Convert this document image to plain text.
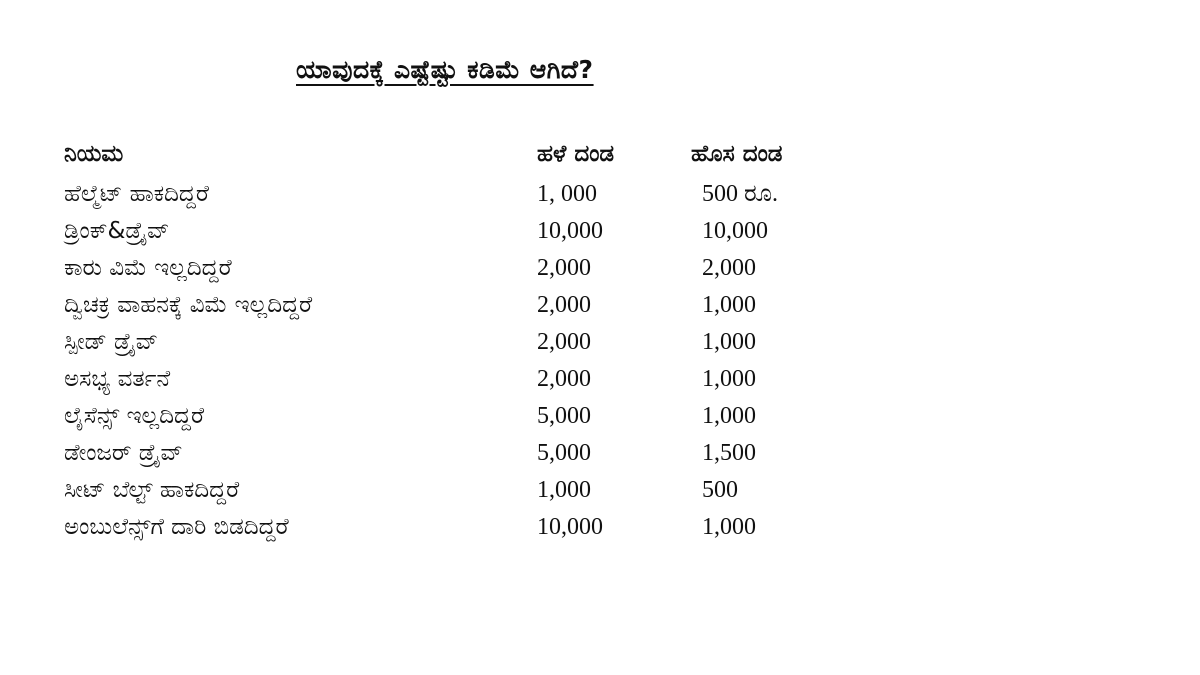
ಯಾವುದಕ್ಕೆ ಎಷ್ಟೆಷ್ಟು ಕಡಿಮೆ ಆಗಿದೆ?
ನಿಯಮ	ಹಳೆ ದಂಡ	ಹೊಸ ದಂಡ
ಹೆಲ್ಮೆಟ್ ಹಾಕದಿದ್ದರೆ	1, 000	500 ರೂ.
ಡ್ರಿಂಕ್&ಡ್ರೈವ್	10,000	10,000
ಕಾರು ವಿಮೆ ಇಲ್ಲದಿದ್ದರೆ	2,000	2,000
ದ್ವಿಚಕ್ರ ವಾಹನಕ್ಕೆ ವಿಮೆ ಇಲ್ಲದಿದ್ದರೆ	2,000	1,000
ಸ್ಪೀಡ್ ಡ್ರೈವ್	2,000	1,000
ಅಸಭ್ಯ ವರ್ತನೆ	2,000	1,000
ಲೈಸೆನ್ಸ್ ಇಲ್ಲದಿದ್ದರೆ	5,000	1,000
ಡೇಂಜರ್ ಡ್ರೈವ್	5,000	1,500
ಸೀಟ್ ಬೆಲ್ಟ್ ಹಾಕದಿದ್ದರೆ	1,000	500
ಅಂಬುಲೆನ್ಸ್‌ಗೆ ದಾರಿ ಬಿಡದಿದ್ದರೆ	10,000	1,000
